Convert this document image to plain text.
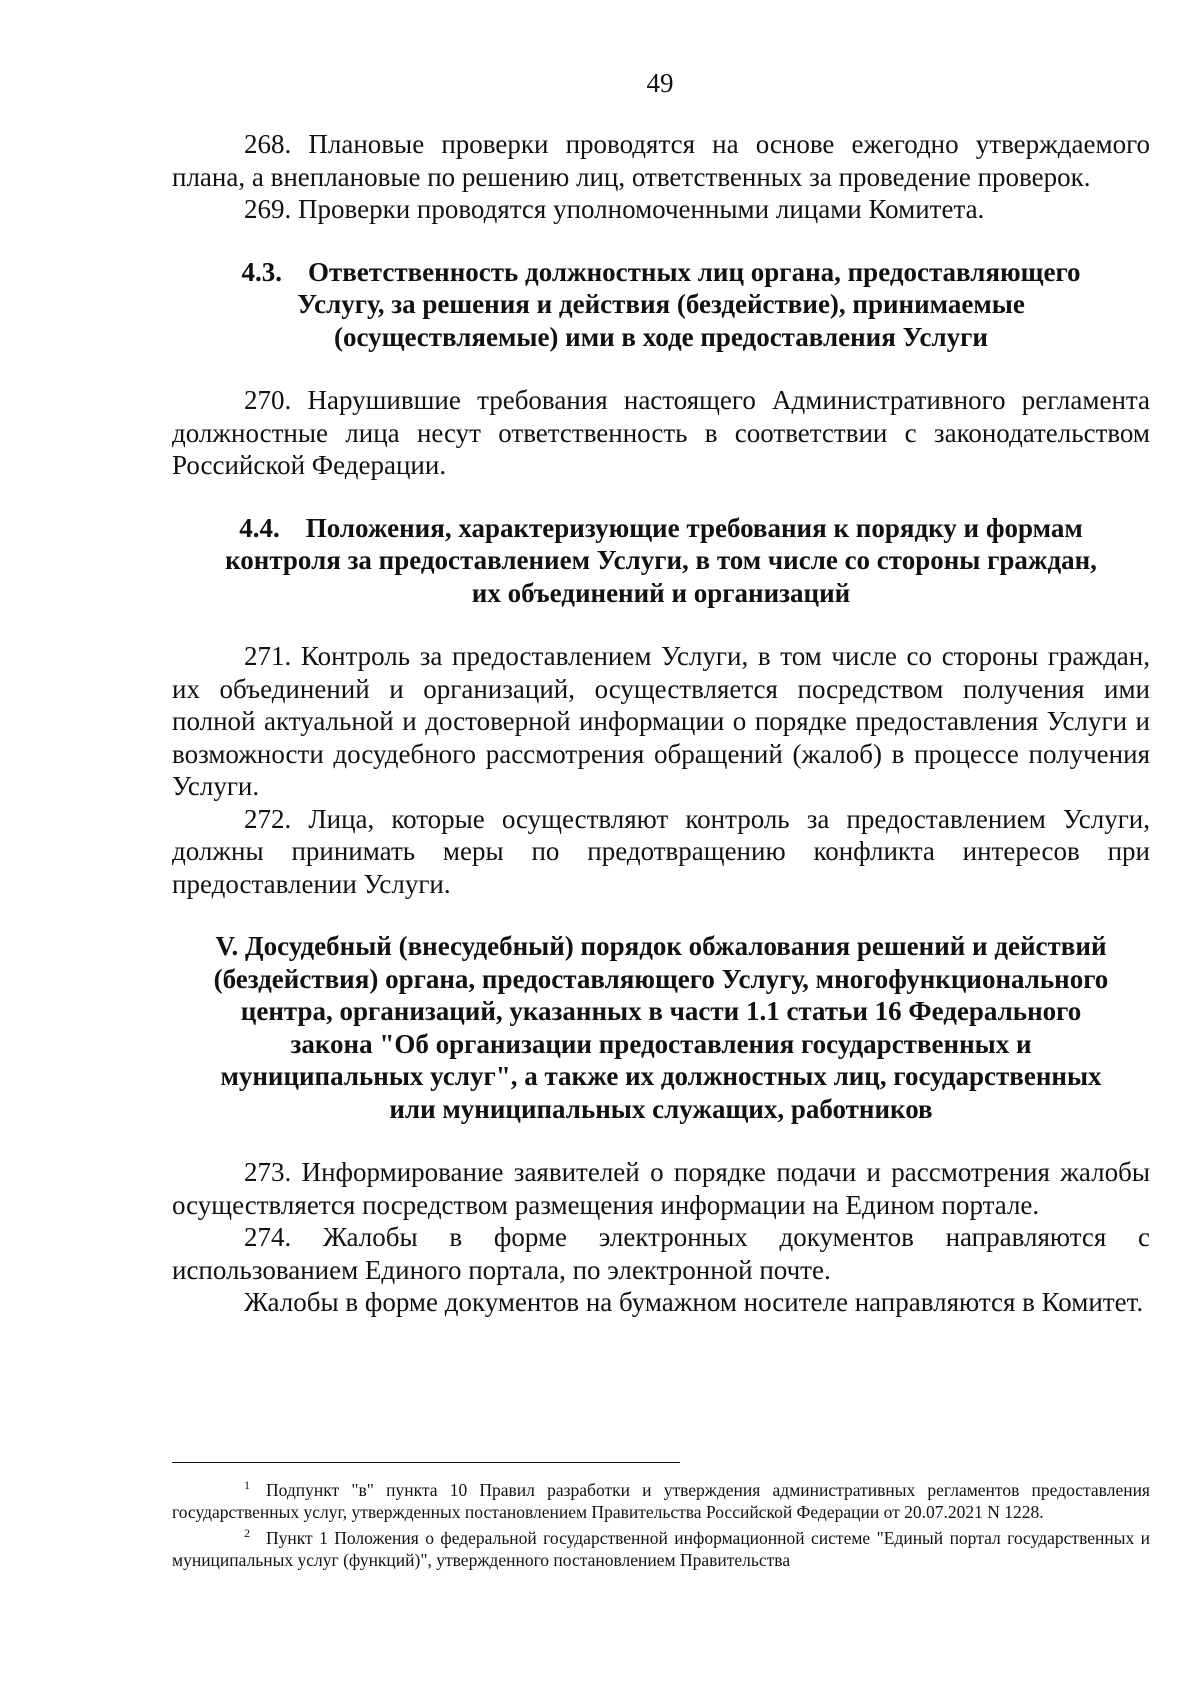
49

268. Плановые проверки проводятся на основе ежегодно утверждаемого плана, а внеплановые по решению лиц, ответственных за проведение проверок.

269. Проверки проводятся уполномоченными лицами Комитета.

4.3. Ответственность должностных лиц органа, предоставляющего
Услугу, за решения и действия (бездействие), принимаемые
(осуществляемые) ими в ходе предоставления Услуги

270. Нарушившие требования настоящего Административного регламента должностные лица несут ответственность в соответствии с законодательством Российской Федерации.

4.4. Положения, характеризующие требования к порядку и формам
контроля за предоставлением Услуги, в том числе со стороны граждан,
их объединений и организаций

271. Контроль за предоставлением Услуги, в том числе со стороны граждан, их объединений и организаций, осуществляется посредством получения ими полной актуальной и достоверной информации о порядке предоставления Услуги и возможности досудебного рассмотрения обращений (жалоб) в процессе получения Услуги.

272. Лица, которые осуществляют контроль за предоставлением Услуги, должны принимать меры по предотвращению конфликта интересов при предоставлении Услуги.

V. Досудебный (внесудебный) порядок обжалования решений и действий
(бездействия) органа, предоставляющего Услугу, многофункционального
центра, организаций, указанных в части 1.1 статьи 16 Федерального
закона "Об организации предоставления государственных и
муниципальных услуг", а также их должностных лиц, государственных
или муниципальных служащих, работников

273. Информирование заявителей о порядке подачи и рассмотрения жалобы осуществляется посредством размещения информации на Едином портале.

274. Жалобы в форме электронных документов направляются с использованием Единого портала, по электронной почте.

Жалобы в форме документов на бумажном носителе направляются в Комитет.

$^1$ Подпункт "в" пункта 10 Правил разработки и утверждения административных регламентов предоставления государственных услуг, утвержденных постановлением Правительства Российской Федерации от 20.07.2021 N 1228.

$^2$ Пункт 1 Положения о федеральной государственной информационной системе "Единый портал государственных и муниципальных услуг (функций)", утвержденного постановлением Правительства
